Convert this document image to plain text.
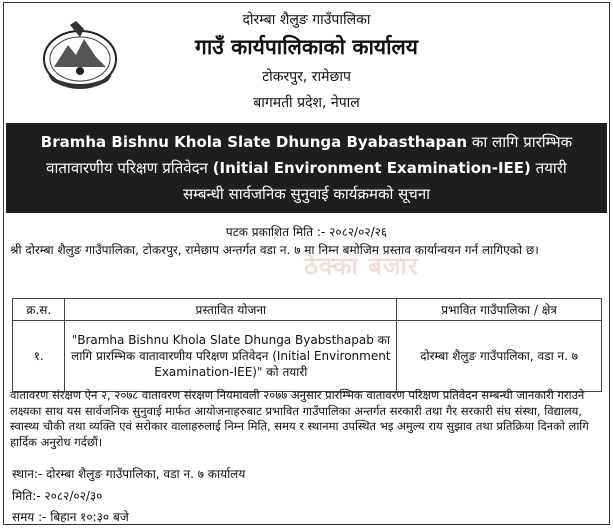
दोरम्बा शैलुङ गाउँपालिका
गाउँ कार्यपालिकाको कार्यालय
टोकरपुर, रामेछाप
बागमती प्रदेश, नेपाल
Bramha Bishnu Khola Slate Dhunga Byabasthapan का लागि प्रारम्भिक
वातावारणीय परिक्षण प्रतिवेदन (Initial Environment Examination-IEE) तयारी
सम्बन्धी सार्वजनिक सुनुवाई कार्यक्रमको सूचना
पटक प्रकाशित मिति :- २०८२/०२/२६
श्री दोरम्बा शैलुङ गाउँपालिका, टोकरपुर, रामेछाप अन्तर्गत वडा न. ७ मा निम्न बमोजिम प्रस्ताव कार्यान्वयन गर्न लागिएको छ।
ठेक्का बजार
क्र.स.	प्रस्तावित योजना	प्रभावित गाउँपालिका / क्षेत्र
१.	"Bramha Bishnu Khola Slate Dhunga Byabsthapab का लागि प्रारम्भिक वातावारणीय परिक्षण प्रतिवेदन (Initial Environment Examination-IEE)" को तयारी	दोरम्बा शैलुङ गाउँपालिका, वडा न. ७
वातावरण संरक्षण ऐन २, २०७८ वातावरण संरक्षण नियमावली २०७७ अनुसार प्रारम्भिक वातावरण परिक्षण प्रतिवेदन सम्बन्धी जानकारी गराउने लक्ष्यका साथ यस सार्वजनिक सुनुवाई मार्फत आयोजनाहरुबाट प्रभावित गाउँपालिका अन्तर्गत सरकारी तथा गैर सरकारी संघ संस्था, विद्यालय, स्वास्थ्य चौकी तथा व्यक्ति एवं सरोकार वालाहरुलाई निम्न मिति, समय र स्थानमा उपस्थित भइ अमुल्य राय सुझाव तथा प्रतिक्रिया दिनको लागि हार्दिक अनुरोध गर्दछौं।
स्थान:- दोरम्बा शैलुङ गाउँपालिका, वडा न. ७ कार्यालय
मिति:- २०८२/०२/३०
समय :- बिहान १०:३० बजे
